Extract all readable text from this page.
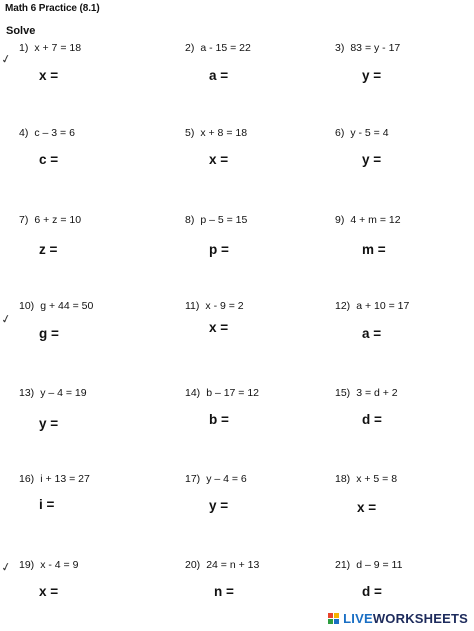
Math 6 Practice (8.1)
Solve
✓
✓
✓
1) x + 7 = 18
x =
2) a - 15 = 22
a =
3) 83 = y - 17
y =
4) c – 3 = 6
c =
5) x + 8 = 18
x =
6) y - 5 = 4
y =
7) 6 + z = 10
z =
8) p – 5 = 15
p =
9) 4 + m = 12
m =
10) g + 44 = 50
g =
11) x - 9 = 2
x =
12) a + 10 = 17
a =
13) y – 4 = 19
y =
14) b – 17 = 12
b =
15) 3 = d + 2
d =
16) i + 13 = 27
i =
17) y – 4 = 6
y =
18) x + 5 = 8
x =
19) x - 4 = 9
x =
20) 24 = n + 13
n =
21) d – 9 = 11
d =
LIVE WORKSHEETS
